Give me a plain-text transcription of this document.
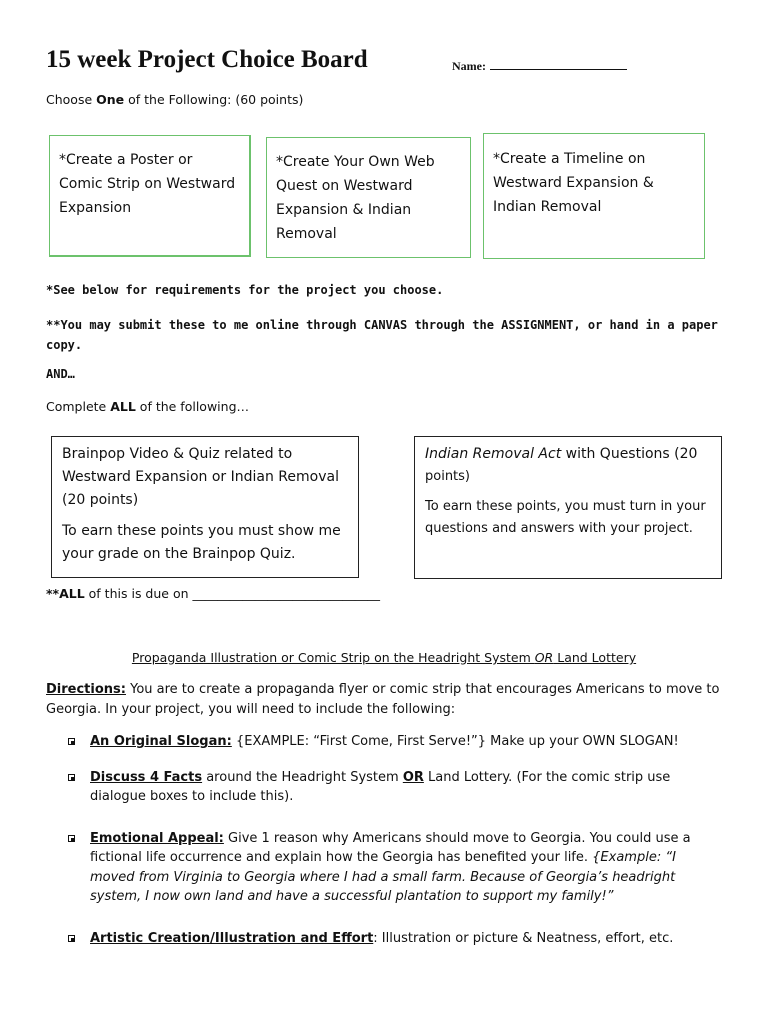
15 week Project Choice Board	Name:
Choose One of the Following: (60 points)
*Create a Poster or Comic Strip on Westward Expansion
*Create Your Own Web Quest on Westward Expansion & Indian Removal
*Create a Timeline on Westward Expansion & Indian Removal
*See below for requirements for the project you choose.
**You may submit these to me online through CANVAS through the ASSIGNMENT, or hand in a paper copy.
AND…
Complete ALL of the following…

Brainpop Video & Quiz related to Westward Expansion or Indian Removal (20 points)

To earn these points you must show me your grade on the Brainpop Quiz.

Indian Removal Act with Questions (20
points)

To earn these points, you must turn in your questions and answers with your project.

**ALL of this is due on ______________________________
Propaganda Illustration or Comic Strip on the Headright System OR Land Lottery
Directions: You are to create a propaganda flyer or comic strip that encourages Americans to move to Georgia. In your project, you will need to include the following:
An Original Slogan: {EXAMPLE: “First Come, First Serve!”} Make up your OWN SLOGAN!
Discuss 4 Facts around the Headright System OR Land Lottery. (For the comic strip use dialogue boxes to include this).
Emotional Appeal: Give 1 reason why Americans should move to Georgia. You could use a fictional life occurrence and explain how the Georgia has benefited your life. {Example: “I moved from Virginia to Georgia where I had a small farm. Because of Georgia’s headright system, I now own land and have a successful plantation to support my family!”
Artistic Creation/Illustration and Effort: Illustration or picture & Neatness, effort, etc.
